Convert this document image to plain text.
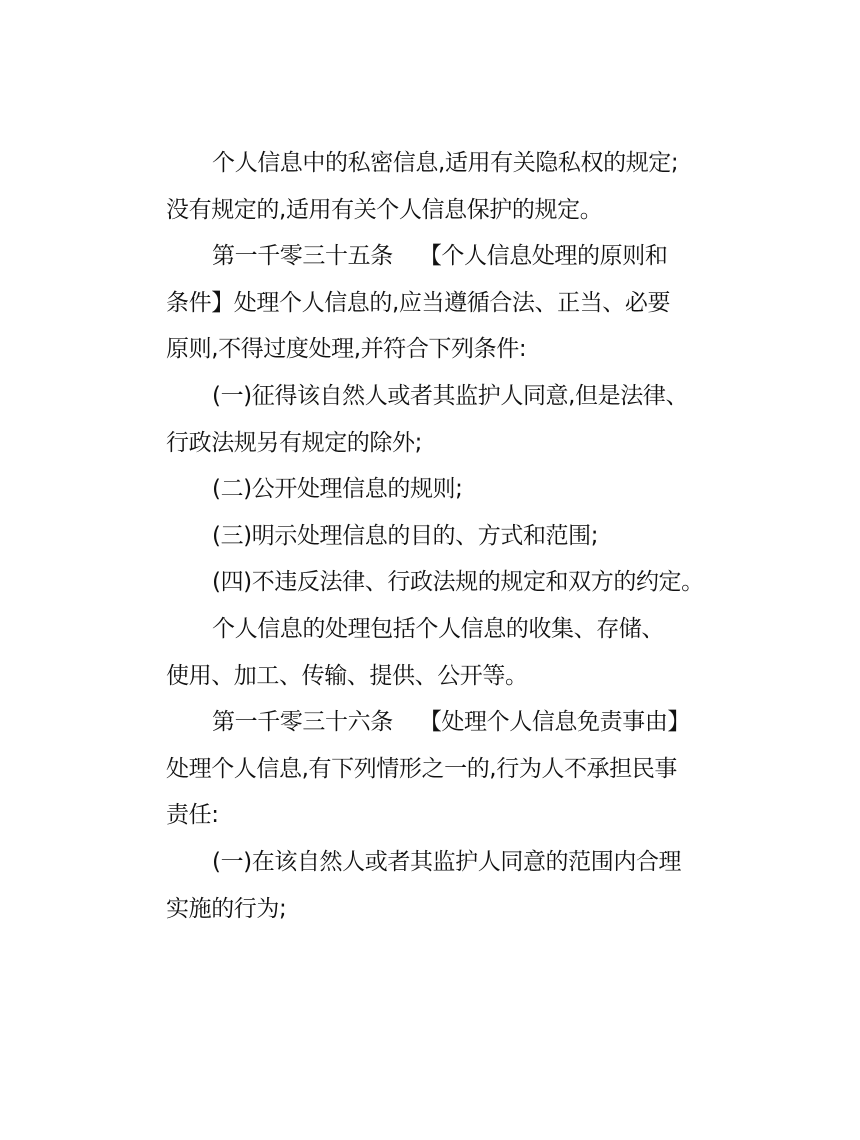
个人信息中的私密信息,适用有关隐私权的规定;
没有规定的,适用有关个人信息保护的规定。
第一千零三十五条 【个人信息处理的原则和
条件】处理个人信息的,应当遵循合法、正当、必要
原则,不得过度处理,并符合下列条件:
(一)征得该自然人或者其监护人同意,但是法律、
行政法规另有规定的除外;
(二)公开处理信息的规则;
(三)明示处理信息的目的、方式和范围;
(四)不违反法律、行政法规的规定和双方的约定。
个人信息的处理包括个人信息的收集、存储、
使用、加工、传输、提供、公开等。
第一千零三十六条 【处理个人信息免责事由】
处理个人信息,有下列情形之一的,行为人不承担民事
责任:
(一)在该自然人或者其监护人同意的范围内合理
实施的行为;
